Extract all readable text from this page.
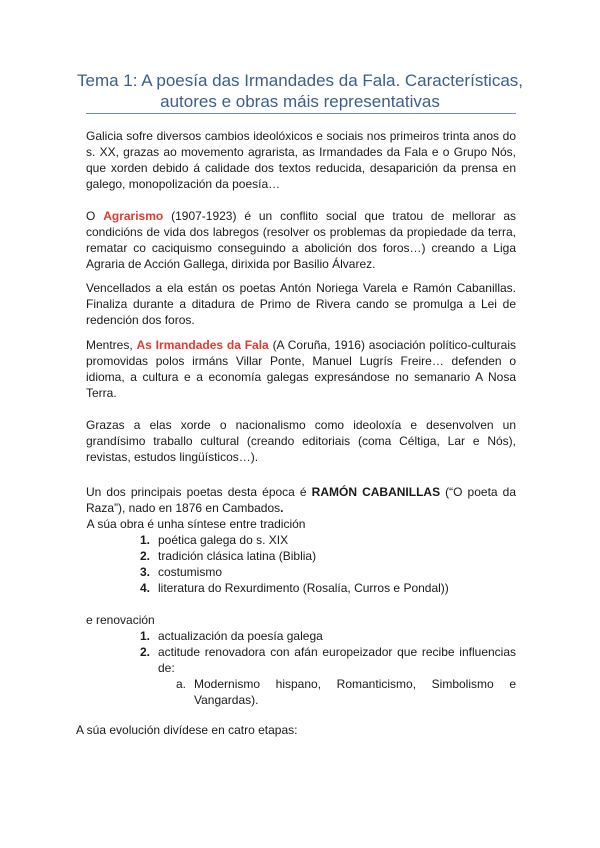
Tema 1: A poesía das Irmandades da Fala. Características,
autores e obras máis representativas
Galicia sofre diversos cambios ideolóxicos e sociais nos primeiros trinta anos do s. XX, grazas ao movemento agrarista, as Irmandades da Fala e o Grupo Nós, que xorden debido á calidade dos textos reducida, desaparición da prensa en galego, monopolización da poesía…
O Agrarismo (1907-1923) é un conflito social que tratou de mellorar as condicións de vida dos labregos (resolver os problemas da propiedade da terra, rematar co caciquismo conseguindo a abolición dos foros…) creando a Liga Agraria de Acción Gallega, dirixida por Basilio Álvarez.
Vencellados a ela están os poetas Antón Noriega Varela e Ramón Cabanillas. Finaliza durante a ditadura de Primo de Rivera cando se promulga a Lei de redención dos foros.
Mentres, As Irmandades da Fala (A Coruña, 1916) asociación político-culturais promovidas polos irmáns Villar Ponte, Manuel Lugrís Freire… defenden o idioma, a cultura e a economía galegas expresándose no semanario A Nosa Terra.
Grazas a elas xorde o nacionalismo como ideoloxía e desenvolven un grandísimo traballo cultural (creando editoriais (coma Céltiga, Lar e Nós), revistas, estudos lingüísticos…).
Un dos principais poetas desta época é RAMÓN CABANILLAS (“O poeta da Raza”), nado en 1876 en Cambados.
A súa obra é unha síntese entre tradición
1. poética galega do s. XIX
2. tradición clásica latina (Biblia)
3. costumismo
4. literatura do Rexurdimento (Rosalía, Curros e Pondal))
e renovación
1. actualización da poesía galega
2. actitude renovadora con afán europeizador que recibe influencias de:
a. Modernismo hispano, Romanticismo, Simbolismo e Vangardas).
A súa evolución divídese en catro etapas:
